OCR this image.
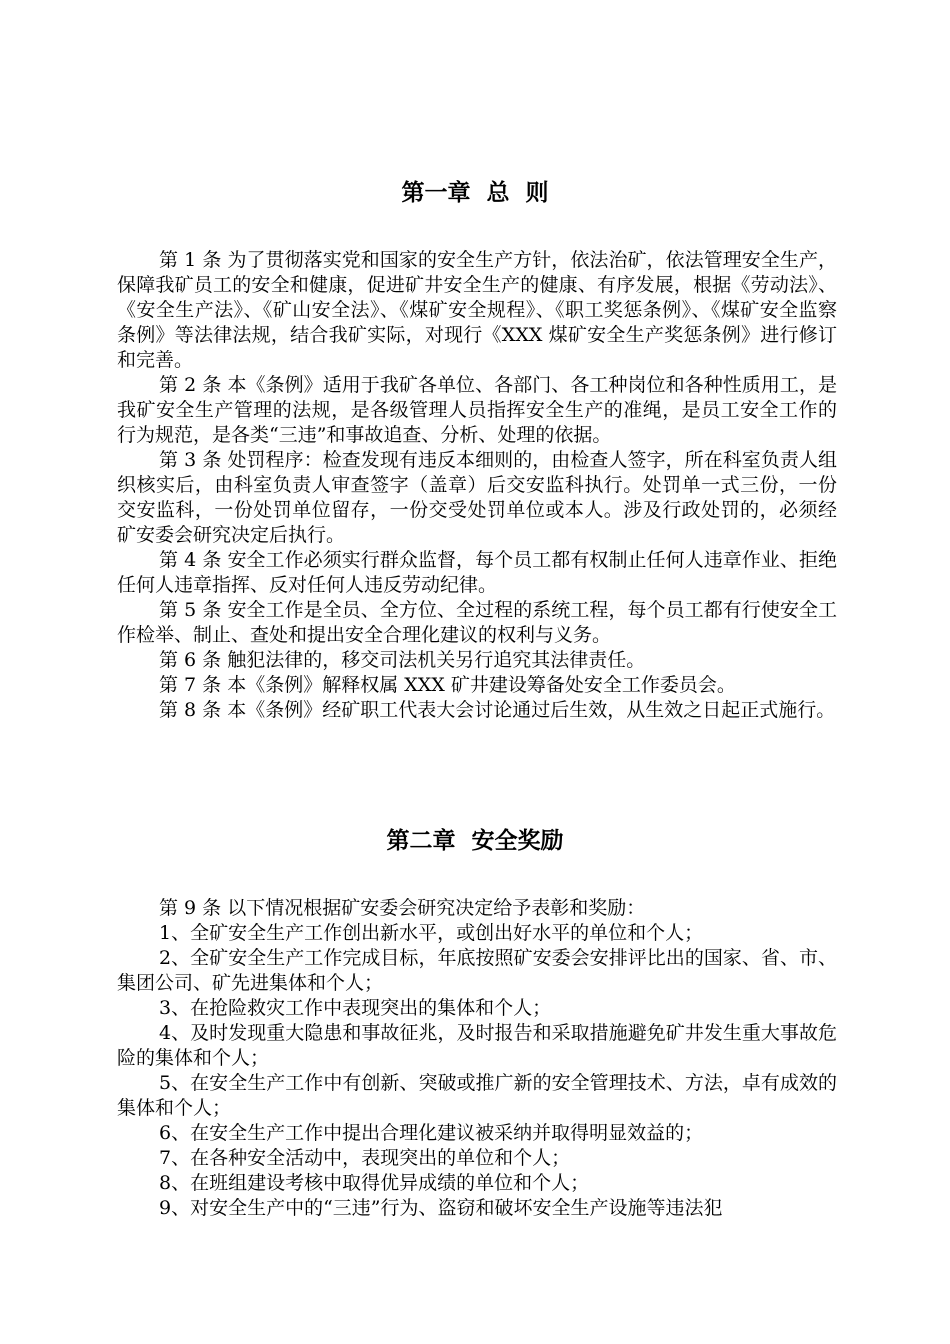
第一章  总  则

第 1 条 为了贯彻落实党和国家的安全生产方针，依法治矿，依法管理安全生产，保障我矿员工的安全和健康，促进矿井安全生产的健康、有序发展，根据《劳动法》、《安全生产法》、《矿山安全法》、《煤矿安全规程》、《职工奖惩条例》、《煤矿安全监察条例》等法律法规，结合我矿实际，对现行《XXX 煤矿安全生产奖惩条例》进行修订和完善。

第 2 条 本《条例》适用于我矿各单位、各部门、各工种岗位和各种性质用工，是我矿安全生产管理的法规，是各级管理人员指挥安全生产的准绳，是员工安全工作的行为规范，是各类“三违”和事故追查、分析、处理的依据。

第 3 条 处罚程序：检查发现有违反本细则的，由检查人签字，所在科室负责人组织核实后，由科室负责人审查签字（盖章）后交安监科执行。处罚单一式三份，一份交安监科，一份处罚单位留存，一份交受处罚单位或本人。涉及行政处罚的，必须经矿安委会研究决定后执行。

第 4 条 安全工作必须实行群众监督，每个员工都有权制止任何人违章作业、拒绝任何人违章指挥、反对任何人违反劳动纪律。

第 5 条 安全工作是全员、全方位、全过程的系统工程，每个员工都有行使安全工作检举、制止、查处和提出安全合理化建议的权利与义务。

第 6 条 触犯法律的，移交司法机关另行追究其法律责任。

第 7 条 本《条例》解释权属 XXX 矿井建设筹备处安全工作委员会。

第 8 条 本《条例》经矿职工代表大会讨论通过后生效，从生效之日起正式施行。

第二章  安全奖励

第 9 条 以下情况根据矿安委会研究决定给予表彰和奖励：

1、全矿安全生产工作创出新水平，或创出好水平的单位和个人；

2、全矿安全生产工作完成目标，年底按照矿安委会安排评比出的国家、省、市、集团公司、矿先进集体和个人；

3、在抢险救灾工作中表现突出的集体和个人；

4、及时发现重大隐患和事故征兆，及时报告和采取措施避免矿井发生重大事故危险的集体和个人；

5、在安全生产工作中有创新、突破或推广新的安全管理技术、方法，卓有成效的集体和个人；

6、在安全生产工作中提出合理化建议被采纳并取得明显效益的；

7、在各种安全活动中，表现突出的单位和个人；

8、在班组建设考核中取得优异成绩的单位和个人；

9、对安全生产中的“三违”行为、盗窃和破坏安全生产设施等违法犯
